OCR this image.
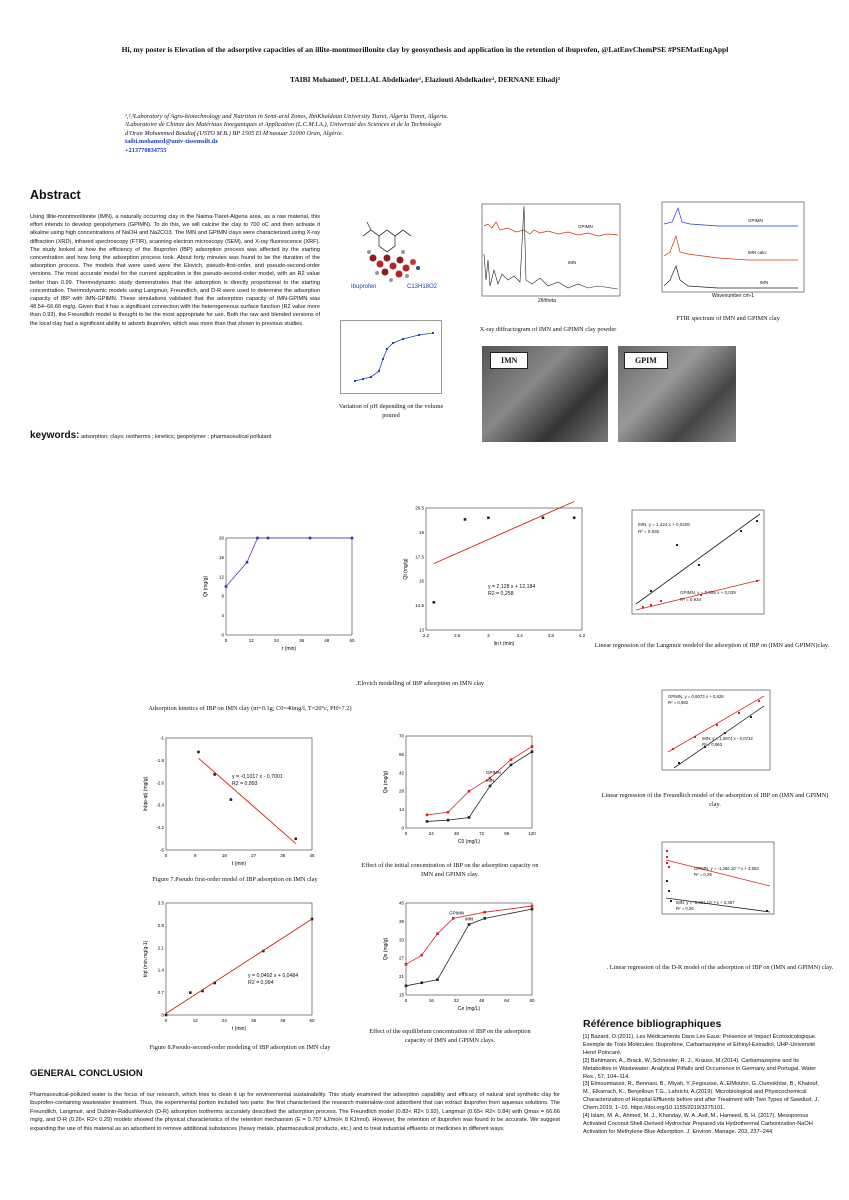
Hi, my poster is Elevation of the adsorptive capacities of an illite-montmorillonite clay by geosynthesis and application in the retention of ibuprofen, @LatEnvChemPSE #PSEMatEngAppl
TAIBI Mohamed¹, DELLAL Abdelkader¹, Elaziouti Abdelkader², DERNANE Elhadj³
¹,²,³Laboratory of Agro-biotechnology and Nutrition in Semi-arid Zones, IbnKhaldoun University Tiaret, Algeria Tiaret, Algeria.
²Laboratoire de Chimie des Matériaux Inorganiques et Application (L.C.M.I.A.), Université des Sciences et de la Technologie d'Oran Mohammed Boudiaf (USTO M.B.) BP 1505 El M'naouar 31000 Oran, Algérie.
taibi.mohamed@univ-tissemsilt.dz
+213770834755
Abstract
Using Illite-montmorillonite (IMN), a naturally occurring clay in the Naima-Tiaret-Algeria area, as a raw material, this effort intends to develop geopolymers (GPIMN). To do this, we will calcine the clay to 700 oC and then activate it alkaline using high concentrations of NaOH and Na2CO3. The IMN and GPIMN clays were characterized using X-ray diffraction (XRD), infrared spectroscopy (FTIR), scanning electron microscopy (SEM), and X-ray fluorescence (XRF). The study looked at how the efficiency of the Ibuprofen (IBP) adsorption process was affected by the starting concentration and how long the adsorption process took. About forty minutes was found to be the duration of the adsorption process. The models that were used were the Elovich, pseudo-first-order, and pseudo-second-order versions. The most accurate model for the current application is the pseudo-second-order model, with an R2 value better than 0.99. Thermodynamic study demonstrates that the adsorption is directly proportional to the starting concentration. Thermodynamic models using Langmuir, Freundlich, and D-R were used to determine the adsorption capacity of IBP with IMN-GPIMN. These simulations validated that the adsorption capacity of IMN-GPIMN was 48.54–66.66 mg/g. Given that it has a significant connection with the heterogeneous surface function (R2 value more than 0.93), the Freundlich model is thought to be the most appropriate for use. Both the raw and blended versions of the local clay had a significant ability to adsorb ibuprofen, which was more than that shown in previous studies.
keywords: adsorption; clays; isotherms ; kinetics; geopolymer ; pharmaceutical pollutant
Ibuprofen	C13H18O2
Variation of pH depending on the volume poured
GPIMN
IMN
2θ/theta
X-ray diffractogram of IMN and GPIMN clay powder
GPIMN
IMN calci
IMN
Wavenumber cm-1
FTIR spectrum of IMN and GPIMN clay
IMN	GPIM
0
0
12
4
24
8
36
12
48
16
60
20
t (min)
Qt (mg/g)
Adsorption kinetics of IBP on IMN clay (m=0.1g; C0=40mg/l, T=20°c, PH=7.2)
2.2
13
2.6
14.5
3
16
3.4
17.5
3.8
19
4.2
20.5
lin t (min)
Qt (mg/g)
y = 2,128 x + 12,184
R2 = 0,258
.Elovich modelling of IBP adsorption on IMN clay
IMN, y = 1,424 x + 0,0206
R² = 0,936
GPIMN, y = 0,595 x + 0,039
R² = 0,934
Linear regression of the Langmuir modelof the adsorption of IBP on (IMN and GPIMN)clay.
GPIMN, y = 0,6073 x + 0,628
R² = 0,982
IMN, y = 1,0874 x - 0,0712
R² = 0,963
Linear regression of the Freundlich model of the adsorption of IBP on (IMN and GPIMN) clay.
0
-5
9
-4.2
18
-3.4
27
-2.6
36
-1.8
45
-1
t (min)
ln(qe-qt) (mg/g)	y = -0,1017 x - 0,7001
R2 = 0,893
Figure 7.Pseudo first-order model of IBP adsorption on IMN clay
0
0
24
14
48
28
72
42
96
56
120
70
C0 (mg/L)
Qe (mg/g)	GPIMN
IMN
Effect of the initial concentration of IBP on the adsorption capacity on IMN and GPIMN clay.
GPIMN, y = -1,266.10⁻⁸ x + 3,582
R² = 0,29
IMN, y = -5,861.10⁻⁸ x + 3,367
R² = 0,26
. Linear regression of the D-R model of the adsorption of IBP on (IMN and GPIMN) clay.
0
0
12
0.7
24
1.4
36
2.1
48
2.8
60
3.5
t (min)
t/qt (min.mg/g-1)	y = 0,0492 x + 0,0484
R2 = 0,994
Figure 8.Pseudo-second-order modeling of IBP adsorption on IMN clay
0
15
16
21
32
27
48
33
64
39
80
45
Ce (mg/L)
Qe (mg/g)
GPIMN
IMN
Effect of the equilibrium concentration of IBP on the adsorption capacity of IMN and GPIMN clays.
GENERAL CONCLUSION
Pharmaceutical-polluted water is the focus of our research, which tries to clean it up for environmental sustainability. This study examined the adsorption capability and efficacy of natural and synthetic clay for ibuprofen-containing wastewater treatment. Thus, the experimental portion included two parts: the first characterised the research materialow-cost adsorbent that can extract ibuprofen from aqueous solutions. The Freundlich, Langmuir, and Dubinin-Radushkevich (D-R) adsorption isotherms accurately described the adsorption process. The Freundlich model (0.82< R2< 0.92), Langmuir (0.65< R2< 0.84) with Qmax = 66.66 mg/g, and D-R (0.26< R2< 0.29) models showed the physical characteristics of the retention mechanism (E = 0.707 kJ/mol< 8 KJ/mol). However, the retention of ibuprofen was found to be accurate. We suggest expanding the use of this material as an adsorbent to remove additional substances (heavy metals, pharmaceutical products, etc.) and to treat industrial effluents or medicines in different ways.
Référence bibliographiques
[1] Bazard, O.(2011). Les Médicaments Dans Les Eaux: Présence et Impact Écotoxicologique. Exemple de Trois Molécules: Ibuprofène, Carbamazépine et Ethinyl-Estradiol, UHP-Université Henri Poincaré,
[2] Bahlmann, A., Brack, W.,Schneider, R. J., Krauss, M.(2014). Carbamazepine and Its Metabolites in Wastewater: Analytical Pitfalls and Occurrence in Germany and Portugal. Water Res., 57, 104–114.
[3] Elmoumtassir, R., Bennani, B., Miyah, Y.,Fegousse, A.,ElMouhri, G.,Oumokhtar, B., Khatouf, M., Elkarrach, K., Benjelloun T.G., Lahrichi, A.(2019). Microbiological and Physicochemical Characterization of Hospital Effluents before and after Treatment with Two Types of Sawdust. J. Chem.2019, 1–10. https://doi.org/10.1155/2019/3275101.
[4] Islam, M. A., Ahmed, M. J., Khanday, W. A.,Asif, M., Hameed, B. H. (2017). Mesoporous Activated Coconut Shell-Derived Hydrochar Prepared via Hydrothermal Carbonization-NaOH Activation for Methylene Blue Adsorption. J. Environ. Manage. 203, 237–244.
